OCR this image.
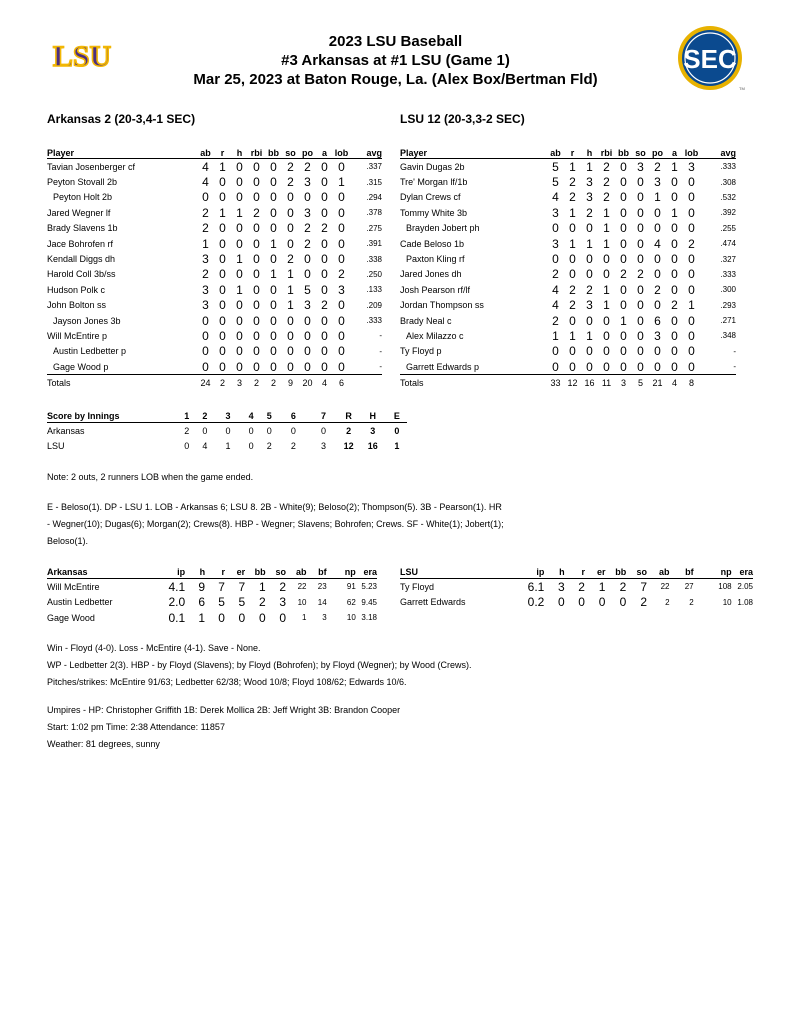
LSU	SEC
TM
2023 LSU Baseball
#3 Arkansas at #1 LSU (Game 1)
Mar 25, 2023 at Baton Rouge, La. (Alex Box/Bertman Fld)
Arkansas 2 (20-3,4-1 SEC)	LSU 12 (20-3,3-2 SEC)
Player	ab	r	h	rbi	bb	so	po	a	lob	avg
Tavian Josenberger cf	4	1	0	0	0	2	2	0	0	.337
Peyton Stovall 2b	4	0	0	0	0	2	3	0	1	.315
Peyton Holt 2b	0	0	0	0	0	0	0	0	0	.294
Jared Wegner lf	2	1	1	2	0	0	3	0	0	.378
Brady Slavens 1b	2	0	0	0	0	0	2	2	0	.275
Jace Bohrofen rf	1	0	0	0	1	0	2	0	0	.391
Kendall Diggs dh	3	0	1	0	0	2	0	0	0	.338
Harold Coll 3b/ss	2	0	0	0	1	1	0	0	2	.250
Hudson Polk c	3	0	1	0	0	1	5	0	3	.133
John Bolton ss	3	0	0	0	0	1	3	2	0	.209
Jayson Jones 3b	0	0	0	0	0	0	0	0	0	.333
Will McEntire p	0	0	0	0	0	0	0	0	0	-
Austin Ledbetter p	0	0	0	0	0	0	0	0	0	-
Gage Wood p	0	0	0	0	0	0	0	0	0	-
Totals	24	2	3	2	2	9	20	4	6	
Player	ab	r	h	rbi	bb	so	po	a	lob	avg
Gavin Dugas 2b	5	1	1	2	0	3	2	1	3	.333
Tre' Morgan lf/1b	5	2	3	2	0	0	3	0	0	.308
Dylan Crews cf	4	2	3	2	0	0	1	0	0	.532
Tommy White 3b	3	1	2	1	0	0	0	1	0	.392
Brayden Jobert ph	0	0	0	1	0	0	0	0	0	.255
Cade Beloso 1b	3	1	1	1	0	0	4	0	2	.474
Paxton Kling rf	0	0	0	0	0	0	0	0	0	.327
Jared Jones dh	2	0	0	0	2	2	0	0	0	.333
Josh Pearson rf/lf	4	2	2	1	0	0	2	0	0	.300
Jordan Thompson ss	4	2	3	1	0	0	0	2	1	.293
Brady Neal c	2	0	0	0	1	0	6	0	0	.271
Alex Milazzo c	1	1	1	0	0	0	3	0	0	.348
Ty Floyd p	0	0	0	0	0	0	0	0	0	-
Garrett Edwards p	0	0	0	0	0	0	0	0	0	-
Totals	33	12	16	11	3	5	21	4	8	
Score by Innings	1	2	3	4	5	6	7	R	H	E
Arkansas	2	0	0	0	0	0	0	2	3	0
LSU	0	4	1	0	2	2	3	12	16	1
Note: 2 outs, 2 runners LOB when the game ended.
E - Beloso(1). DP - LSU 1. LOB - Arkansas 6; LSU 8. 2B - White(9); Beloso(2); Thompson(5). 3B - Pearson(1). HR
- Wegner(10); Dugas(6); Morgan(2); Crews(8). HBP - Wegner; Slavens; Bohrofen; Crews. SF - White(1); Jobert(1);
Beloso(1).
Arkansas	ip	h	r	er	bb	so	ab	bf	np	era
Will McEntire	4.1	9	7	7	1	2	22	23	91	5.23
Austin Ledbetter	2.0	6	5	5	2	3	10	14	62	9.45
Gage Wood	0.1	1	0	0	0	0	1	3	10	3.18
LSU	ip	h	r	er	bb	so	ab	bf	np	era
Ty Floyd	6.1	3	2	1	2	7	22	27	108	2.05
Garrett Edwards	0.2	0	0	0	0	2	2	2	10	1.08
Win - Floyd (4-0). Loss - McEntire (4-1). Save - None.
WP - Ledbetter 2(3). HBP - by Floyd (Slavens); by Floyd (Bohrofen); by Floyd (Wegner); by Wood (Crews).
Pitches/strikes: McEntire 91/63; Ledbetter 62/38; Wood 10/8; Floyd 108/62; Edwards 10/6.
Umpires - HP: Christopher Griffith 1B: Derek Mollica 2B: Jeff Wright 3B: Brandon Cooper
Start: 1:02 pm Time: 2:38 Attendance: 11857
Weather: 81 degrees, sunny
